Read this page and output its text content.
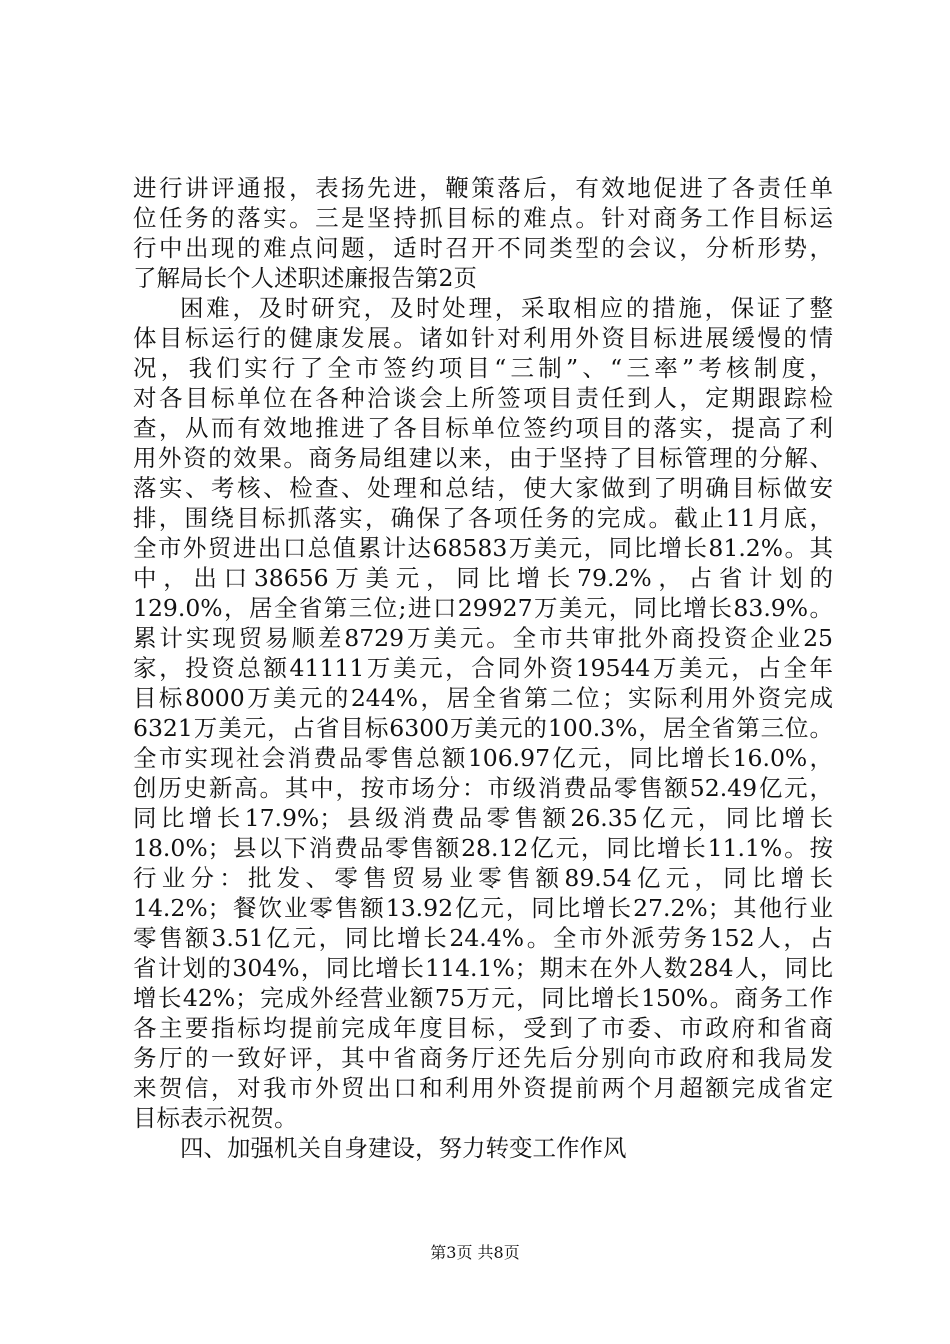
进行讲评通报，表扬先进，鞭策落后，有效地促进了各责任单
位任务的落实。三是坚持抓目标的难点。针对商务工作目标运
行中出现的难点问题，适时召开不同类型的会议，分析形势，
了解局长个人述职述廉报告第2页
困难，及时研究，及时处理，采取相应的措施，保证了整
体目标运行的健康发展。诸如针对利用外资目标进展缓慢的情
况，我们实行了全市签约项目“三制”、“三率”考核制度，
对各目标单位在各种洽谈会上所签项目责任到人，定期跟踪检
查，从而有效地推进了各目标单位签约项目的落实，提高了利
用外资的效果。商务局组建以来，由于坚持了目标管理的分解、
落实、考核、检查、处理和总结，使大家做到了明确目标做安
排，围绕目标抓落实，确保了各项任务的完成。截止11月底，
全市外贸进出口总值累计达68583万美元，同比增长81.2%。其
中，出口38656万美元，同比增长79.2%，占省计划的
129.0%，居全省第三位;进口29927万美元，同比增长83.9%。
累计实现贸易顺差8729万美元。全市共审批外商投资企业25
家，投资总额41111万美元，合同外资19544万美元，占全年
目标8000万美元的244%，居全省第二位；实际利用外资完成
6321万美元，占省目标6300万美元的100.3%，居全省第三位。
全市实现社会消费品零售总额106.97亿元，同比增长16.0%，
创历史新高。其中，按市场分：市级消费品零售额52.49亿元，
同比增长17.9%；县级消费品零售额26.35亿元，同比增长
18.0%；县以下消费品零售额28.12亿元，同比增长11.1%。按
行业分：批发、零售贸易业零售额89.54亿元，同比增长
14.2%；餐饮业零售额13.92亿元，同比增长27.2%；其他行业
零售额3.51亿元，同比增长24.4%。全市外派劳务152人，占
省计划的304%，同比增长114.1%；期末在外人数284人，同比
增长42%；完成外经营业额75万元，同比增长150%。商务工作
各主要指标均提前完成年度目标，受到了市委、市政府和省商
务厅的一致好评，其中省商务厅还先后分别向市政府和我局发
来贺信，对我市外贸出口和利用外资提前两个月超额完成省定
目标表示祝贺。
四、加强机关自身建设，努力转变工作作风
第3页 共8页
